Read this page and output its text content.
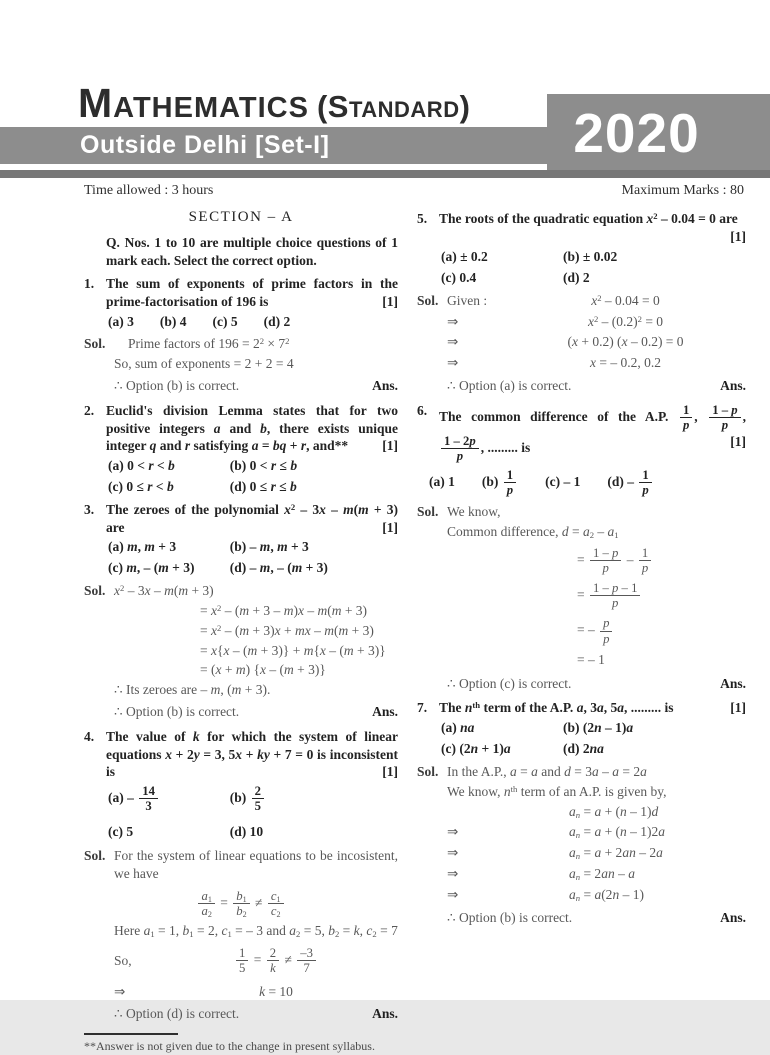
Mathematics (Standard)
Outside Delhi [Set-I]	2020
Time allowed : 3 hours	Maximum Marks : 80
SECTION – A

Q. Nos. 1 to 10 are multiple choice questions of 1 mark each. Select the correct option.

1. The sum of exponents of prime factors in the prime-factorisation of 196 is	[1]
(a) 3 (b) 4 (c) 5 (d) 2
Sol.	Prime factors of $196 = 2^2 \times 7^2$
So, sum of exponents = 2 + 2 = 4
∴ Option (b) is correct.	Ans.
2. Euclid's division Lemma states that for two positive integers a and b, there exists unique integer q and r satisfying a = bq + r, and**	[1]
(a) 0 < r < b	(b) 0 < r ≤ b
(c) 0 ≤ r < b	(d) 0 ≤ r ≤ b
3. The zeroes of the polynomial $x^2 - 3x - m(m + 3)$ are	[1]
(a) m, m + 3	(b) – m, m + 3
(c) m, – (m + 3)	(d) – m, – (m + 3)
Sol. $x^2 - 3x - m(m + 3)$
= $x^2 - (m + 3 - m)x - m(m + 3)$
= $x^2 - (m + 3)x$ + mx – m(m + 3)
= x{x – (m + 3)} + m{x – (m + 3)}
= (x + m) {x – (m + 3)}
∴ Its zeroes are – m, (m + 3).
∴ Option (b) is correct.	Ans.
4. The value of k for which the system of linear equations x + 2y = 3, 5x + ky + 7 = 0 is inconsistent is	[1]
$(a) - \frac{14}{3}$	$(b) \frac{2}{5}$
(c) 5	(d) 10
Sol. For the system of linear equations to be incosistent, we have
$\frac{a_1}{a_2} = \frac{b_1}{b_2} \ne \frac{c_1}{c_2}$
Here $a_1 = 1$, $b_1 = 2$, $c_1$ = – 3 and $a_2 = 5$, $b_2 = k$, $c_2 = 7$
So,	$\frac{1}{5} = \frac{2}{k} \ne \frac{-3}{7}$
⇒	k = 10
∴ Option (d) is correct.	Ans.
**Answer is not given due to the change in present syllabus.
5. The roots of the quadratic equation $x^2 - 0.04 = 0$ are
[1]
(a) ± 0.2	(b) ± 0.02
(c) 0.4	(d) 2
Sol. Given :	$x^2 - 0.04 = 0$
⇒	$x^2 - (0.2)^2 = 0$
⇒	(x + 0.2) (x – 0.2) = 0
⇒	x = – 0.2, 0.2
∴ Option (a) is correct.	Ans.
6. The common difference of the A.P. $\frac{1}{p}$ , $\frac{1 - p}{p}$ ,
$\frac{1 - 2p}{p}$ , ......... is	[1]
(a) 1 $(b) \frac{1}{p} (c) - 1$ $(d) - \frac{1}{p}$
Sol. We know,
Common difference, $d = a_2 - a_1$
= $\frac{1 - p}{p} - \frac{1}{p}$
= $\frac{1 - p - 1}{p}$
= – $\frac{p}{p}$
= – 1
∴ Option (c) is correct.	Ans.
7. The $n^{th}$ term of the A.P. a, 3a, 5a, ......... is	[1]
(a) na	(b) (2n – 1)a
(c) (2n + 1)a	(d) 2na
Sol. In the A.P., a = a and d = 3a – a = 2a
We know, $n^{th}$ term of an A.P. is given by,
$a_n = a + (n - 1)d$
⇒	$a_n = a + (n - 1)2a$
⇒	$a_n = a + 2an - 2a$
⇒	$a_n = 2an - a$
⇒	$a_n = a(2n - 1)$
∴ Option (b) is correct.	Ans.
